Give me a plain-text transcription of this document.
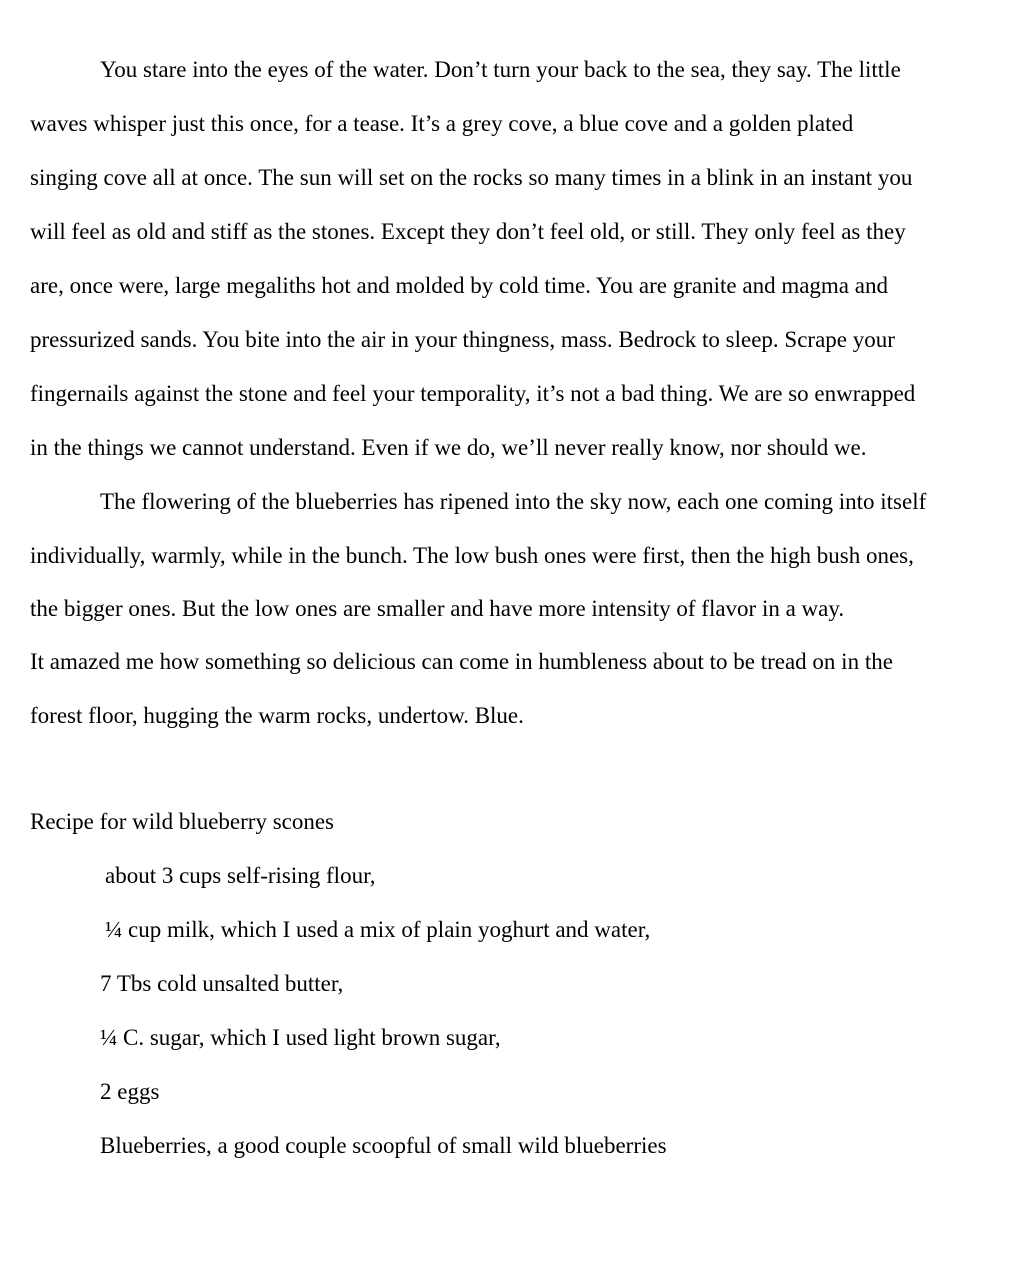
You stare into the eyes of the water. Don’t turn your back to the sea, they say. The little
waves whisper just this once, for a tease. It’s a grey cove, a blue cove and a golden plated
singing cove all at once. The sun will set on the rocks so many times in a blink in an instant you
will feel as old and stiff as the stones. Except they don’t feel old, or still. They only feel as they
are, once were, large megaliths hot and molded by cold time. You are granite and magma and
pressurized sands. You bite into the air in your thingness, mass. Bedrock to sleep. Scrape your
fingernails against the stone and feel your temporality, it’s not a bad thing. We are so enwrapped
in the things we cannot understand. Even if we do, we’ll never really know, nor should we.
The flowering of the blueberries has ripened into the sky now, each one coming into itself
individually, warmly, while in the bunch. The low bush ones were first, then the high bush ones,
the bigger ones. But the low ones are smaller and have more intensity of flavor in a way.
It amazed me how something so delicious can come in humbleness about to be tread on in the
forest floor, hugging the warm rocks, undertow. Blue.
Recipe for wild blueberry scones
about 3 cups self-rising flour,
¼ cup milk, which I used a mix of plain yoghurt and water,
7 Tbs cold unsalted butter,
¼ C. sugar, which I used light brown sugar,
2 eggs
Blueberries, a good couple scoopful of small wild blueberries
